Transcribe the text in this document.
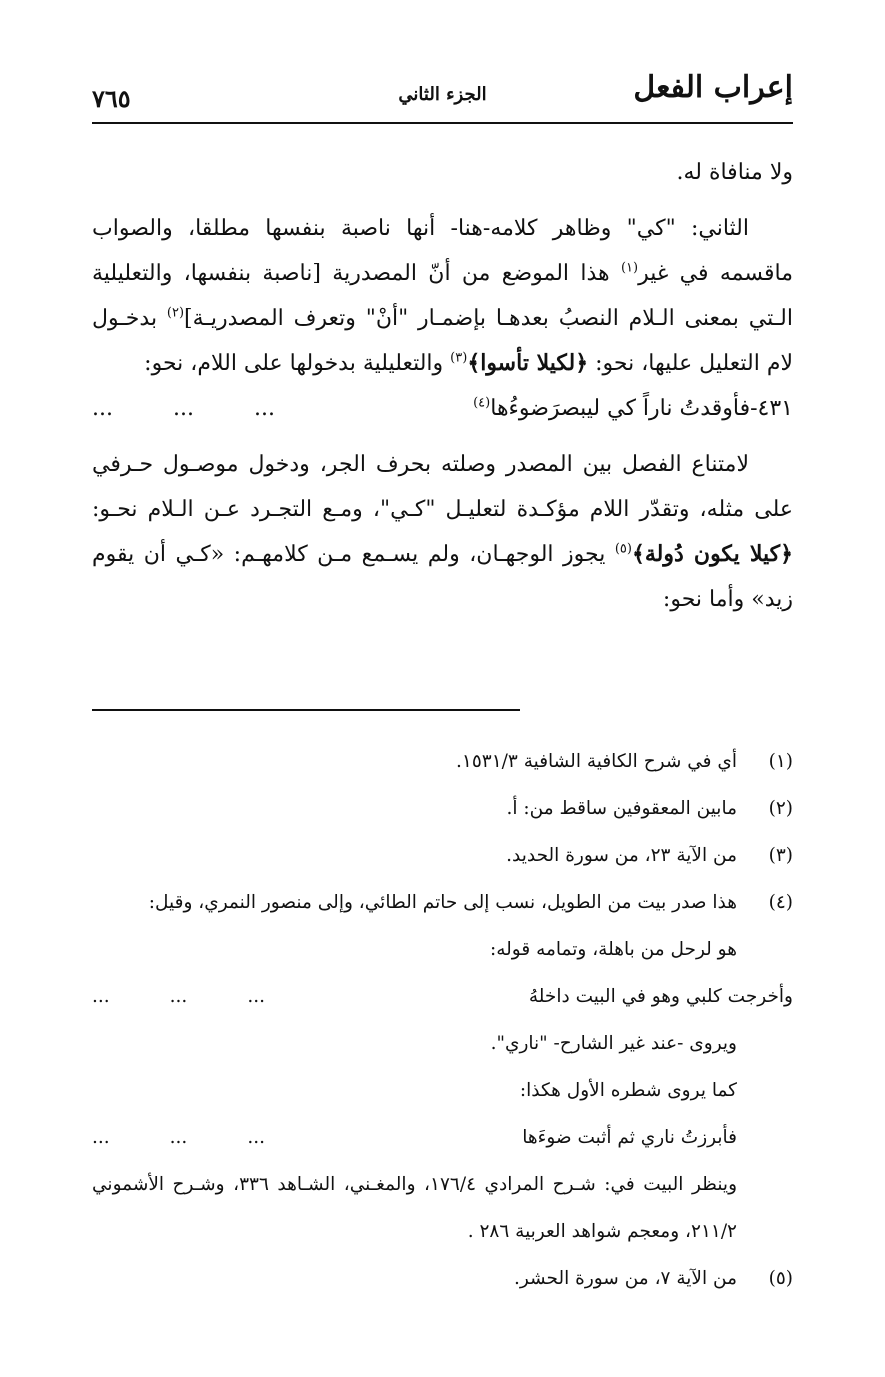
إعراب الفعل
الجزء الثاني
٧٦٥

ولا منافاة له.

الثاني: "كي" وظاهر كلامه-هنا- أنها ناصبة بنفسها مطلقا، والصواب ماقسمه في غير$^{(١)}$ هذا الموضع من أنّ المصدرية [ناصبة بنفسها، والتعليلية الـتي بمعنى الـلام النصبُ بعدهـا بإضمـار "أنْ" وتعرف المصدريـة]$^{(٢)}$ بدخـول لام التعليل عليها، نحو: ﴿لكيلا تأسوا﴾$^{(٣)}$ والتعليلية بدخولها على اللام، نحو:

٤٣١-فأوقدتُ ناراً كي ليبصرَضوءُها$^{(٤)}$
...	...	...

لامتناع الفصل بين المصدر وصلته بحرف الجر، ودخول موصـول حـرفي على مثله، وتقدّر اللام مؤكـدة لتعليـل "كـي"، ومـع التجـرد عـن الـلام نحـو: ﴿كيلا يكون دُولة﴾$^{(٥)}$ يجوز الوجهـان، ولم يسـمع مـن كلامهـم: «كـي أن يقوم زيد» وأما نحو:

(١)
أي في شرح الكافية الشافية ١٥٣١/٣.
(٢)
مابين المعقوفين ساقط من: أ.
(٣)
من الآية ٢٣، من سورة الحديد.
(٤)
هذا صدر بيت من الطويل، نسب إلى حاتم الطائي، وإلى منصور النمري، وقيل:

هو لرحل من باهلة، وتمامه قوله:

وأخرجت كلبي وهو في البيت داخلهُ
...	...	...

ويروى -عند غير الشارح- "ناري".

كما يروى شطره الأول هكذا:

فأبرزتُ ناري ثم أثبت ضوءَها
...	...	...

وينظر البيت في: شـرح المرادي ١٧٦/٤، والمغـني، الشـاهد ٣٣٦، وشـرح الأشموني ٢١١/٢، ومعجم شواهد العربية ٢٨٦ .

(٥)
من الآية ٧، من سورة الحشر.
